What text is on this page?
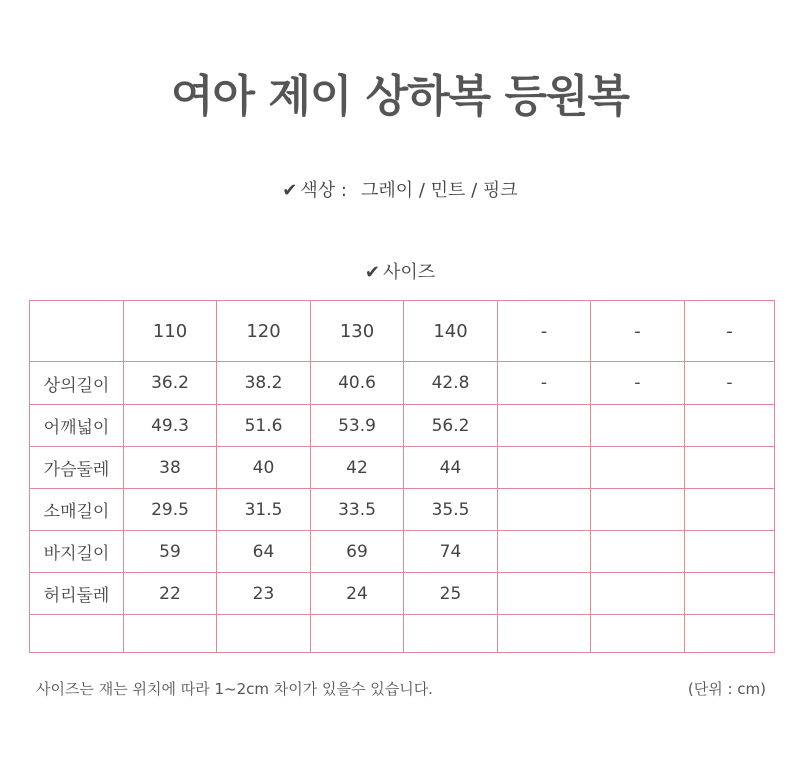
여아 제이 상하복 등원복
✔ 색상 : 그레이 / 민트 / 핑크
✔ 사이즈
	110	120	130	140	-	-	-
상의길이	36.2	38.2	40.6	42.8	-	-	-
어깨넓이	49.3	51.6	53.9	56.2			
가슴둘레	38	40	42	44			
소매길이	29.5	31.5	33.5	35.5			
바지길이	59	64	69	74			
허리둘레	22	23	24	25			

사이즈는 재는 위치에 따라 1~2cm 차이가 있을수 있습니다.	(단위 : cm)
